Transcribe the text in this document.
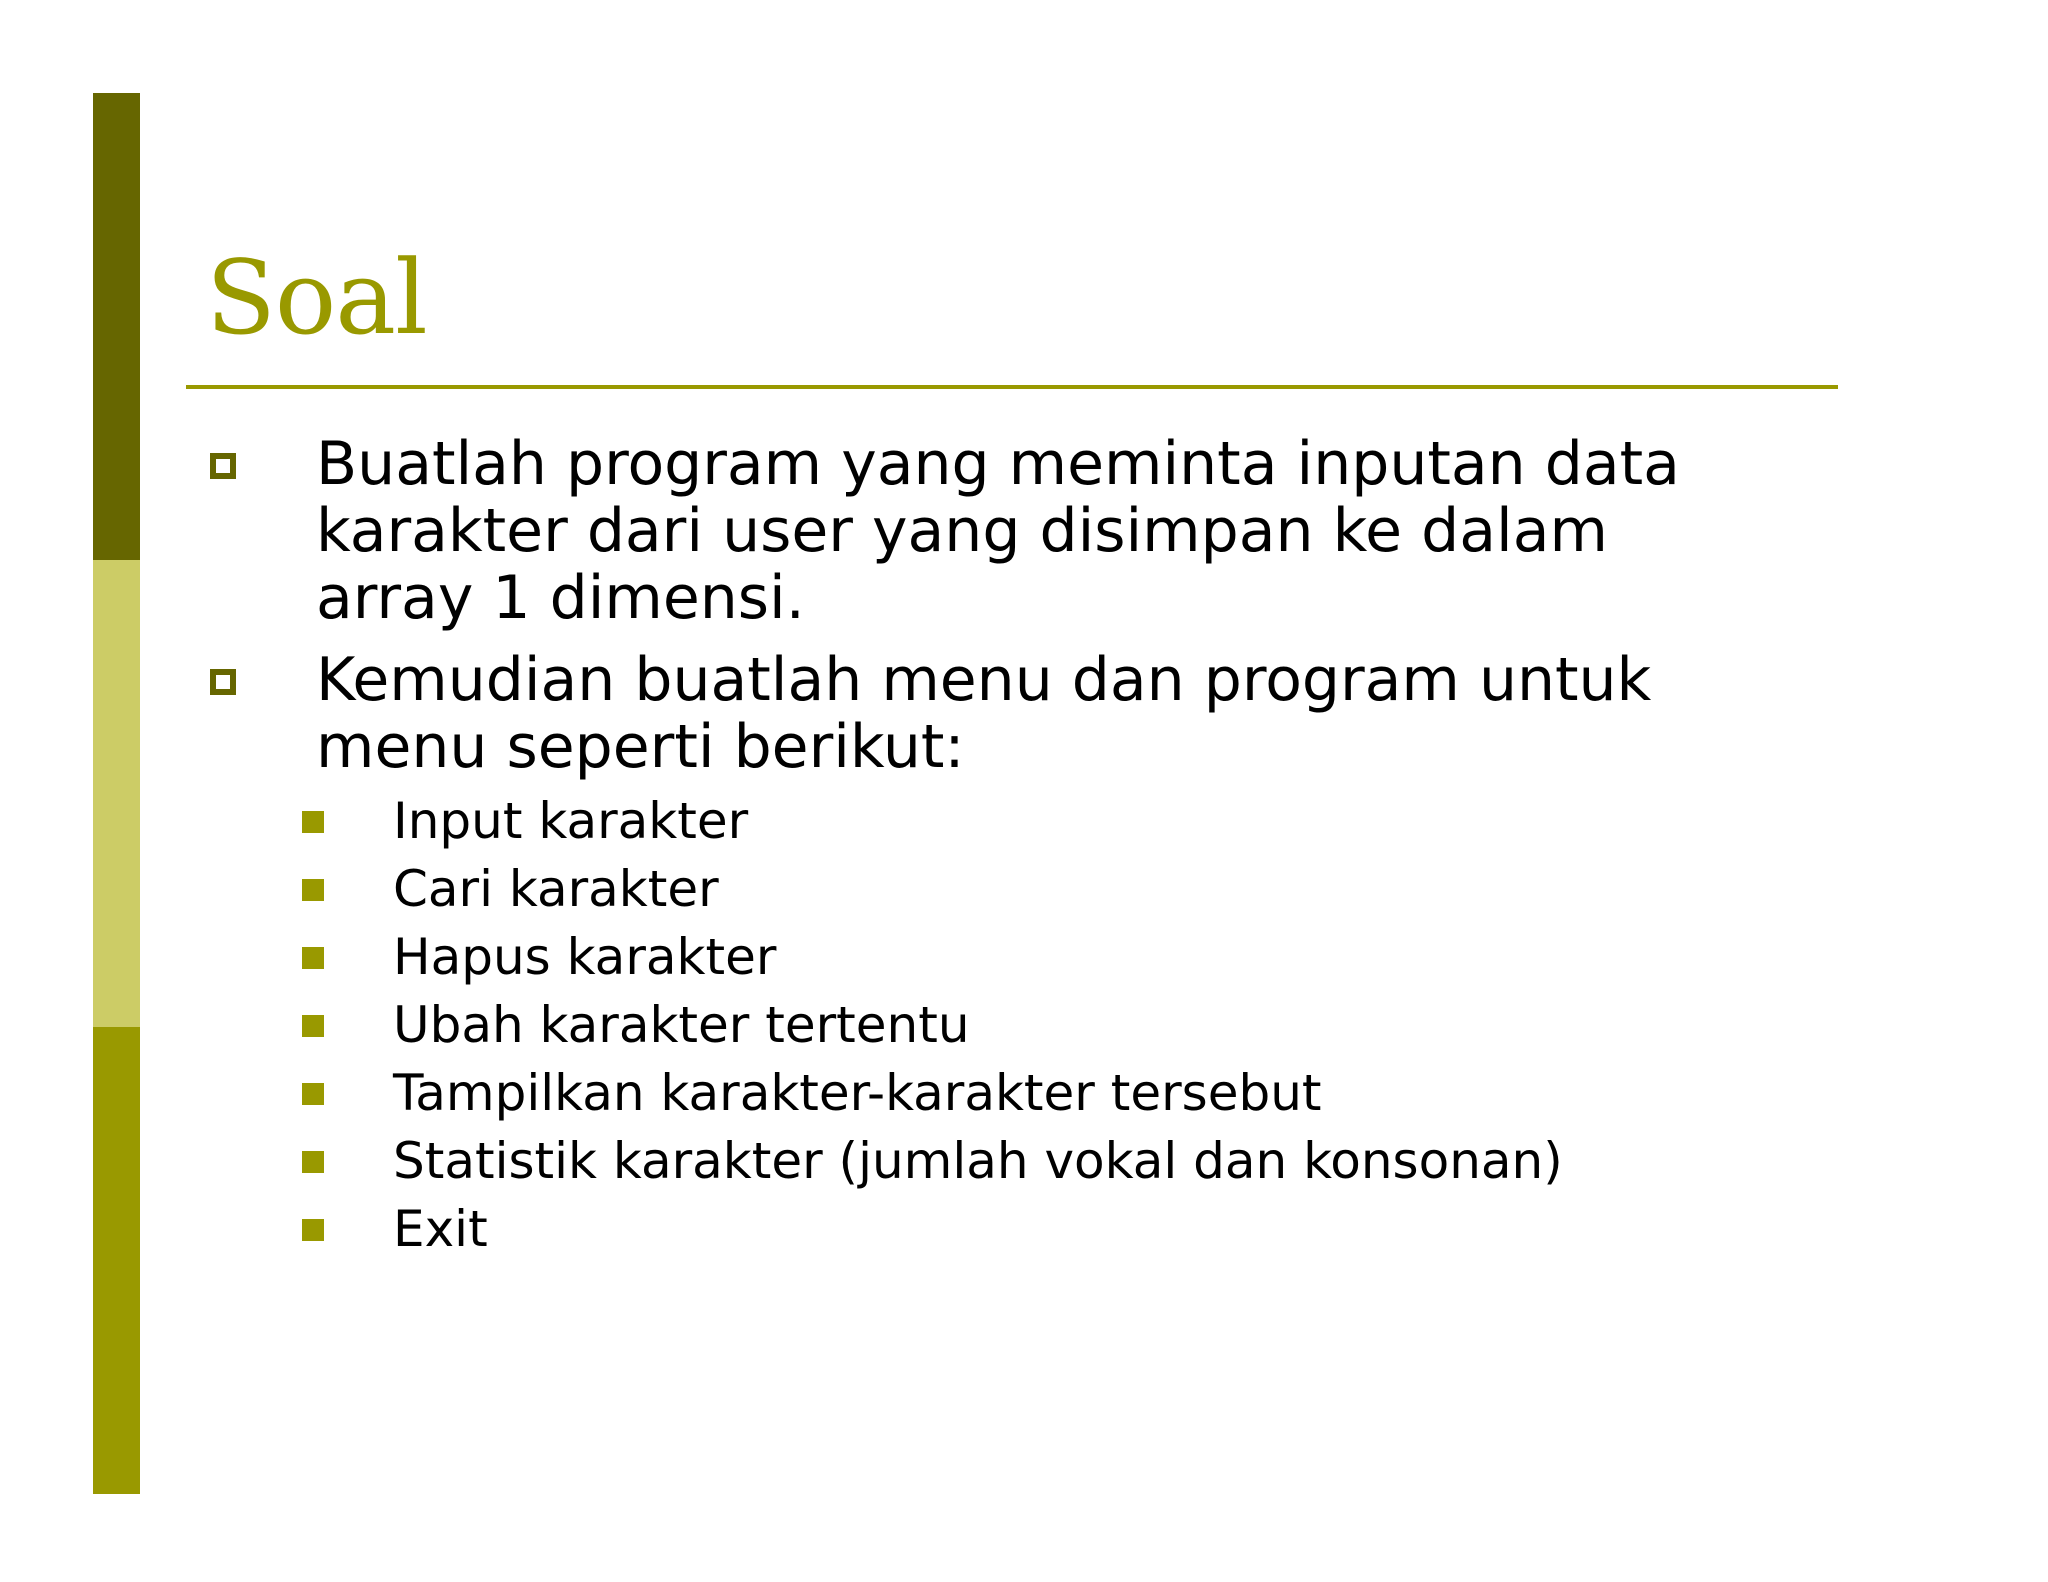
Soal
Buatlah program yang meminta inputan data
karakter dari user yang disimpan ke dalam
array 1 dimensi.
Kemudian buatlah menu dan program untuk
menu seperti berikut:
Input karakter
Cari karakter
Hapus karakter
Ubah karakter tertentu
Tampilkan karakter-karakter tersebut
Statistik karakter (jumlah vokal dan konsonan)
Exit
